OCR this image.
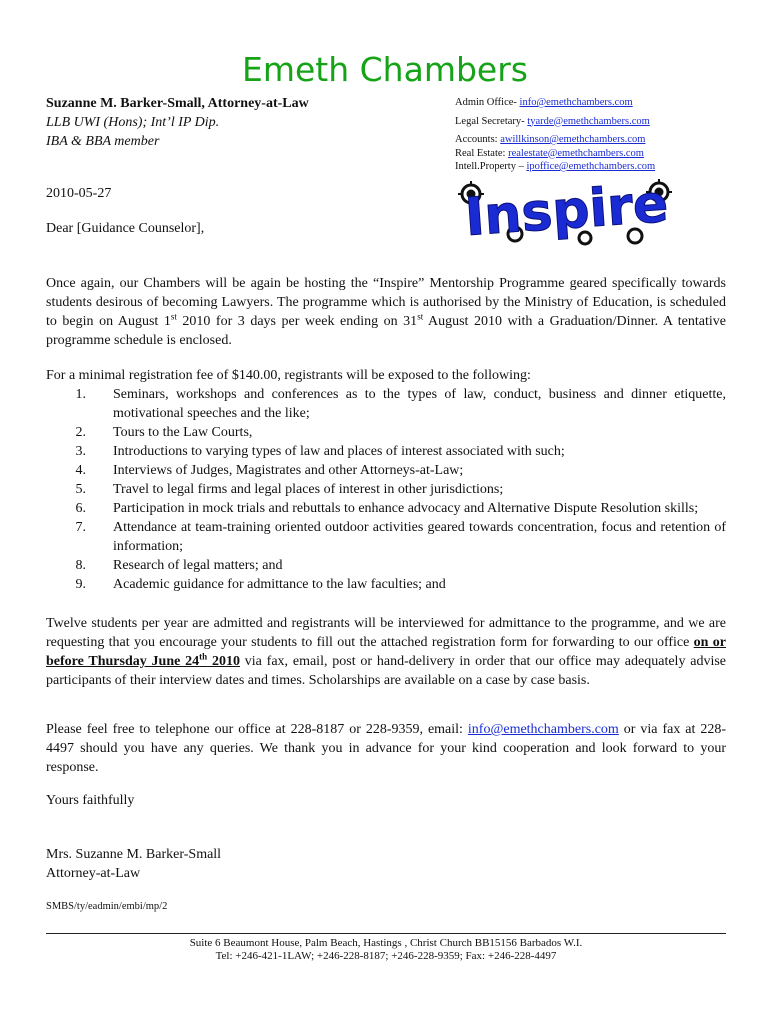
Emeth Chambers
Suzanne M. Barker-Small, Attorney-at-Law
LLB UWI (Hons); Int’l IP Dip.
IBA & BBA member
Admin Office- info@emethchambers.com
Legal Secretary- tyarde@emethchambers.com
Accounts: awillkinson@emethchambers.com
Real Estate: realestate@emethchambers.com
Intell.Property – ipoffice@emethchambers.com
2010-05-27
Dear [Guidance Counselor],	Inspire
Once again, our Chambers will be again be hosting the “Inspire” Mentorship Programme geared specifically towards students desirous of becoming Lawyers. The programme which is authorised by the Ministry of Education, is scheduled to begin on August 1st 2010 for 3 days per week ending on 31st August 2010 with a Graduation/Dinner. A tentative programme schedule is enclosed.
For a minimal registration fee of $140.00, registrants will be exposed to the following:
1.	Seminars, workshops and conferences as to the types of law, conduct, business and dinner etiquette, motivational speeches and the like;
2.	Tours to the Law Courts,
3.	Introductions to varying types of law and places of interest associated with such;
4.	Interviews of Judges, Magistrates and other Attorneys-at-Law;
5.	Travel to legal firms and legal places of interest in other jurisdictions;
6.	Participation in mock trials and rebuttals to enhance advocacy and Alternative Dispute Resolution skills;
7.	Attendance at team-training oriented outdoor activities geared towards concentration, focus and retention of information;
8.	Research of legal matters; and
9.	Academic guidance for admittance to the law faculties; and
Twelve students per year are admitted and registrants will be interviewed for admittance to the programme, and we are requesting that you encourage your students to fill out the attached registration form for forwarding to our office on or before Thursday June 24th 2010 via fax, email, post or hand-delivery in order that our office may adequately advise participants of their interview dates and times. Scholarships are available on a case by case basis.
Please feel free to telephone our office at 228-8187 or 228-9359, email: info@emethchambers.com or via fax at 228-4497 should you have any queries. We thank you in advance for your kind cooperation and look forward to your response.
Yours faithfully
Mrs. Suzanne M. Barker-Small
Attorney-at-Law
SMBS/ty/eadmin/embi/mp/2
Suite 6 Beaumont House, Palm Beach, Hastings , Christ Church BB15156 Barbados W.I.
Tel: +246-421-1LAW; +246-228-8187; +246-228-9359; Fax: +246-228-4497
